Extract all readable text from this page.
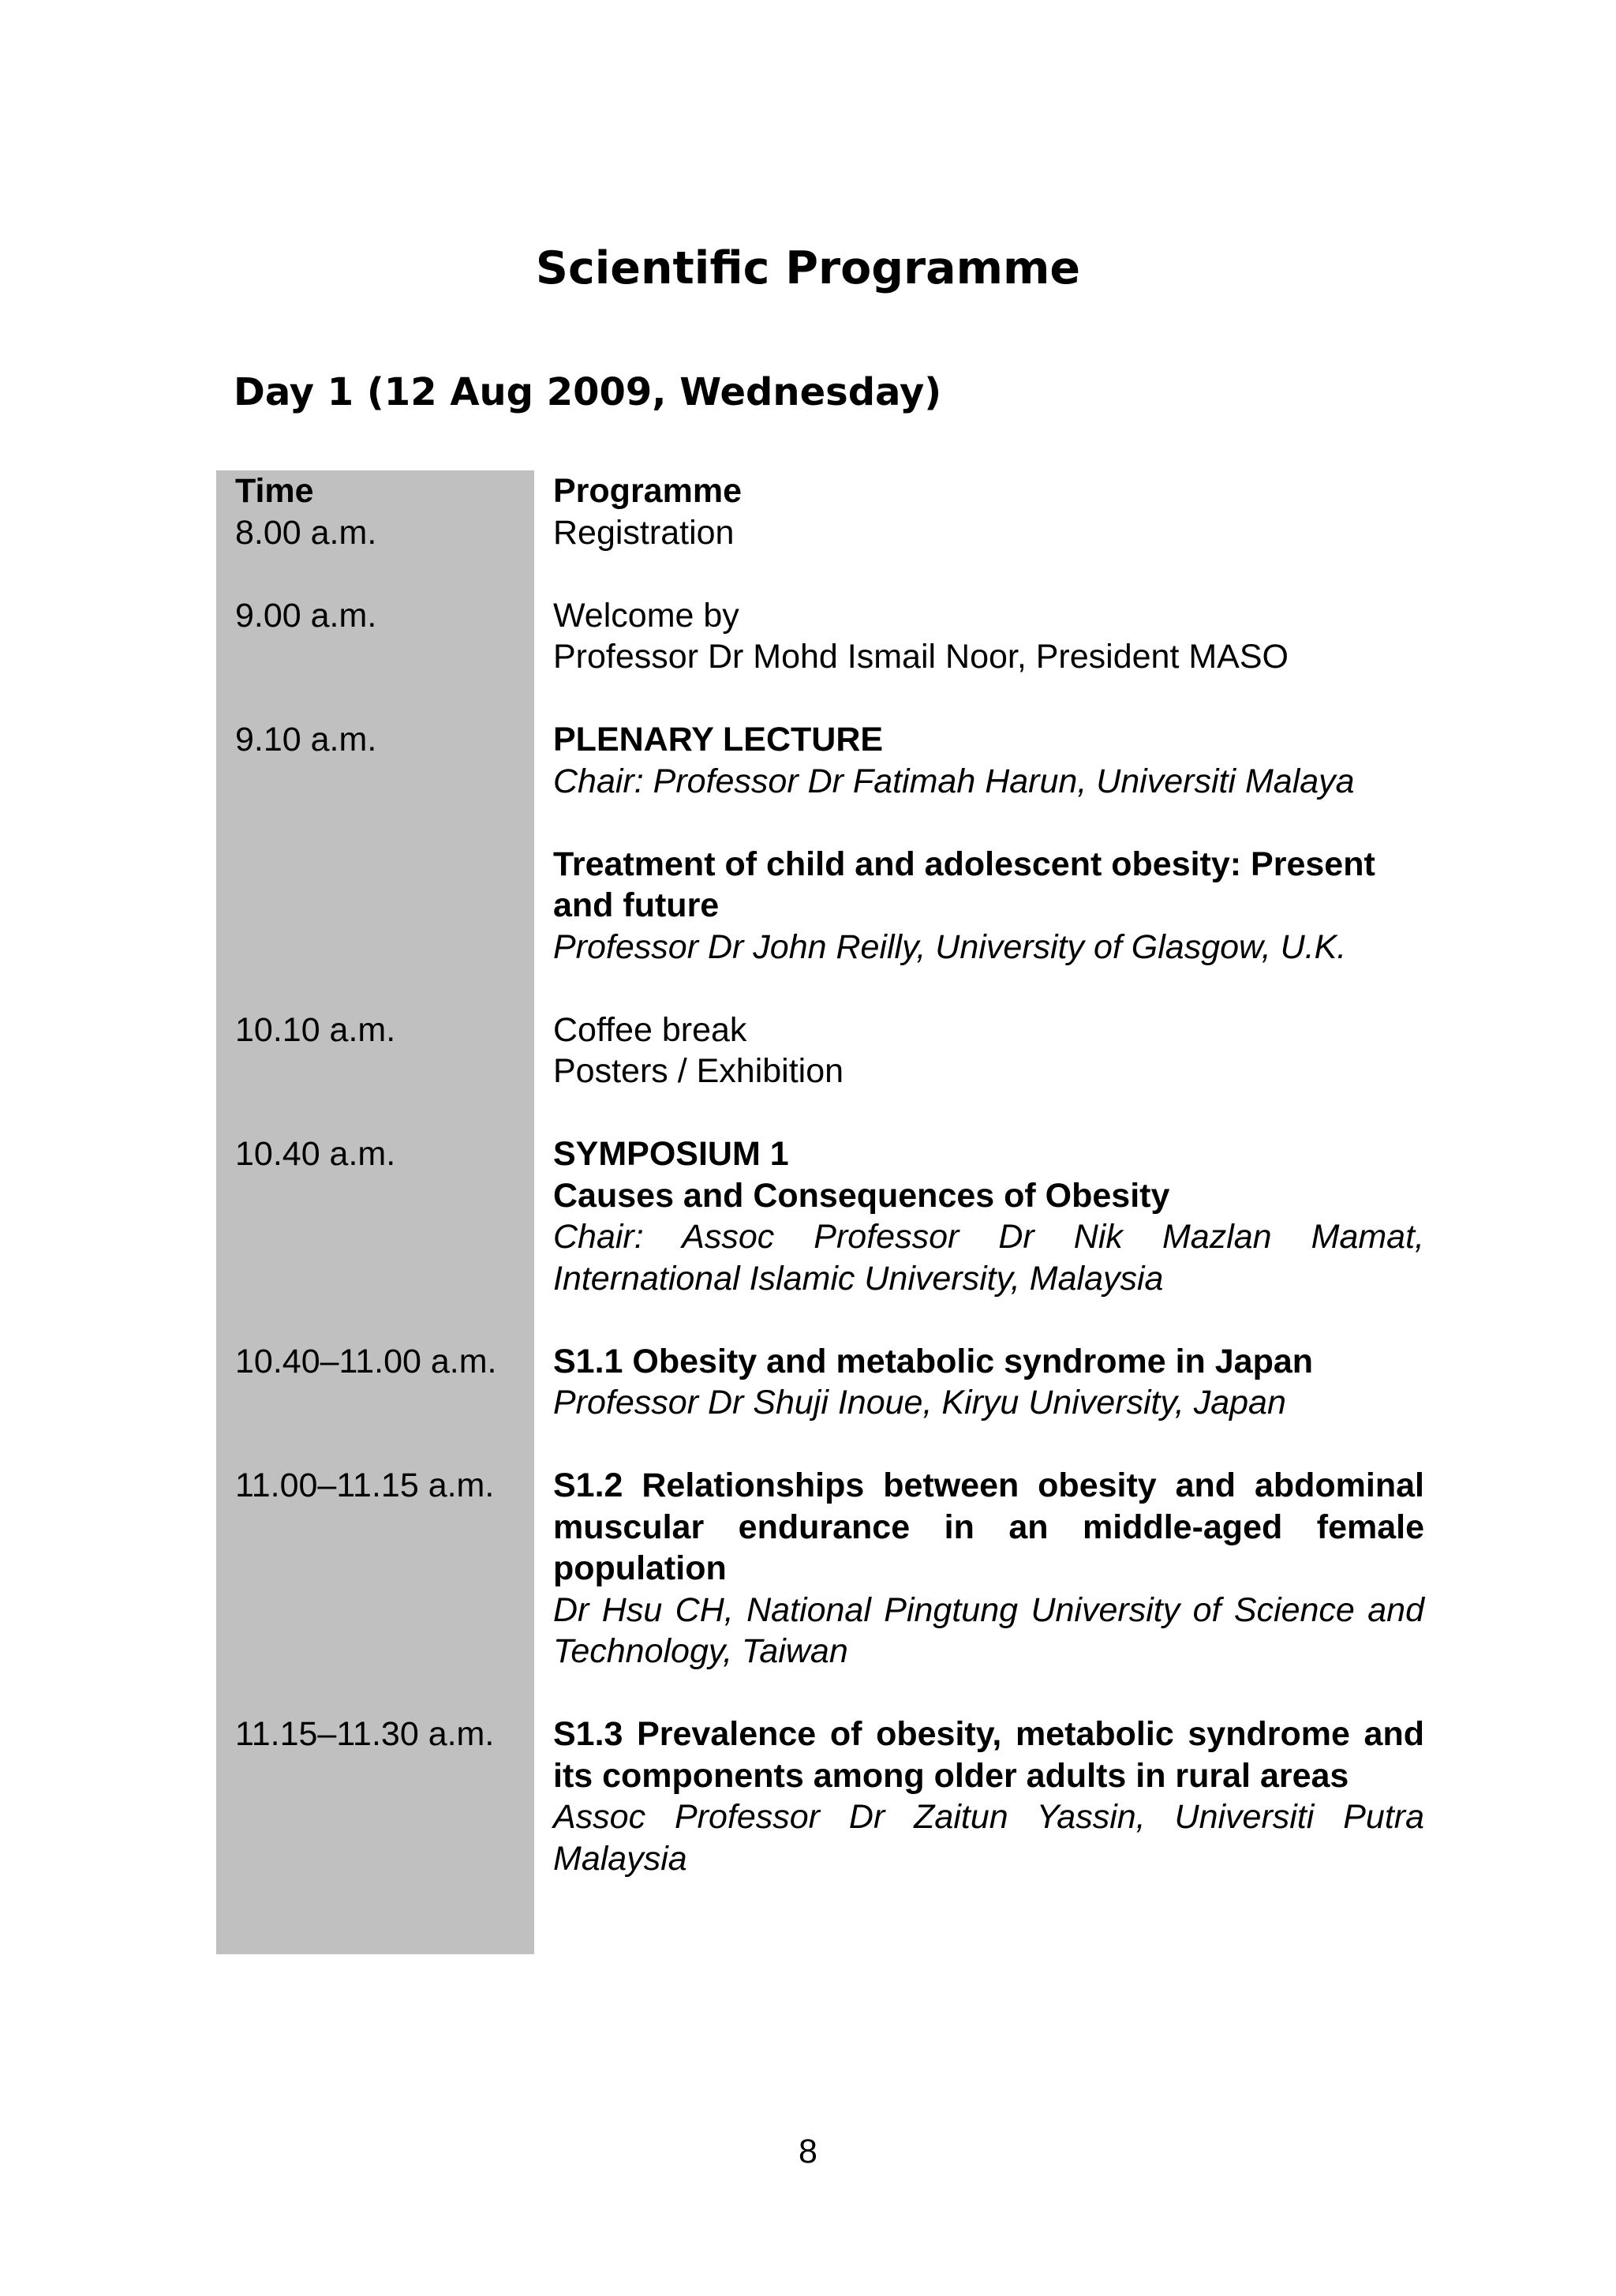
Scientific Programme
Day 1 (12 Aug 2009, Wednesday)
Time	Programme
8.00 a.m.	Registration
9.00 a.m.	Welcome by
Professor Dr Mohd Ismail Noor, President MASO
9.10 a.m.	PLENARY LECTURE
Chair: Professor Dr Fatimah Harun, Universiti Malaya
Treatment of child and adolescent obesity: Present and future
Professor Dr John Reilly, University of Glasgow, U.K.
10.10 a.m.	Coffee break
Posters / Exhibition
10.40 a.m.	SYMPOSIUM 1
Causes and Consequences of Obesity
Chair: Assoc Professor Dr Nik Mazlan Mamat, International Islamic University, Malaysia
10.40–11.00 a.m.	S1.1 Obesity and metabolic syndrome in Japan
Professor Dr Shuji Inoue, Kiryu University, Japan
11.00–11.15 a.m.	S1.2 Relationships between obesity and abdominal muscular endurance in an middle-aged female population
Dr Hsu CH, National Pingtung University of Science and Technology, Taiwan
11.15–11.30 a.m.	S1.3 Prevalence of obesity, metabolic syndrome and its components among older adults in rural areas
Assoc Professor Dr Zaitun Yassin, Universiti Putra Malaysia
8
